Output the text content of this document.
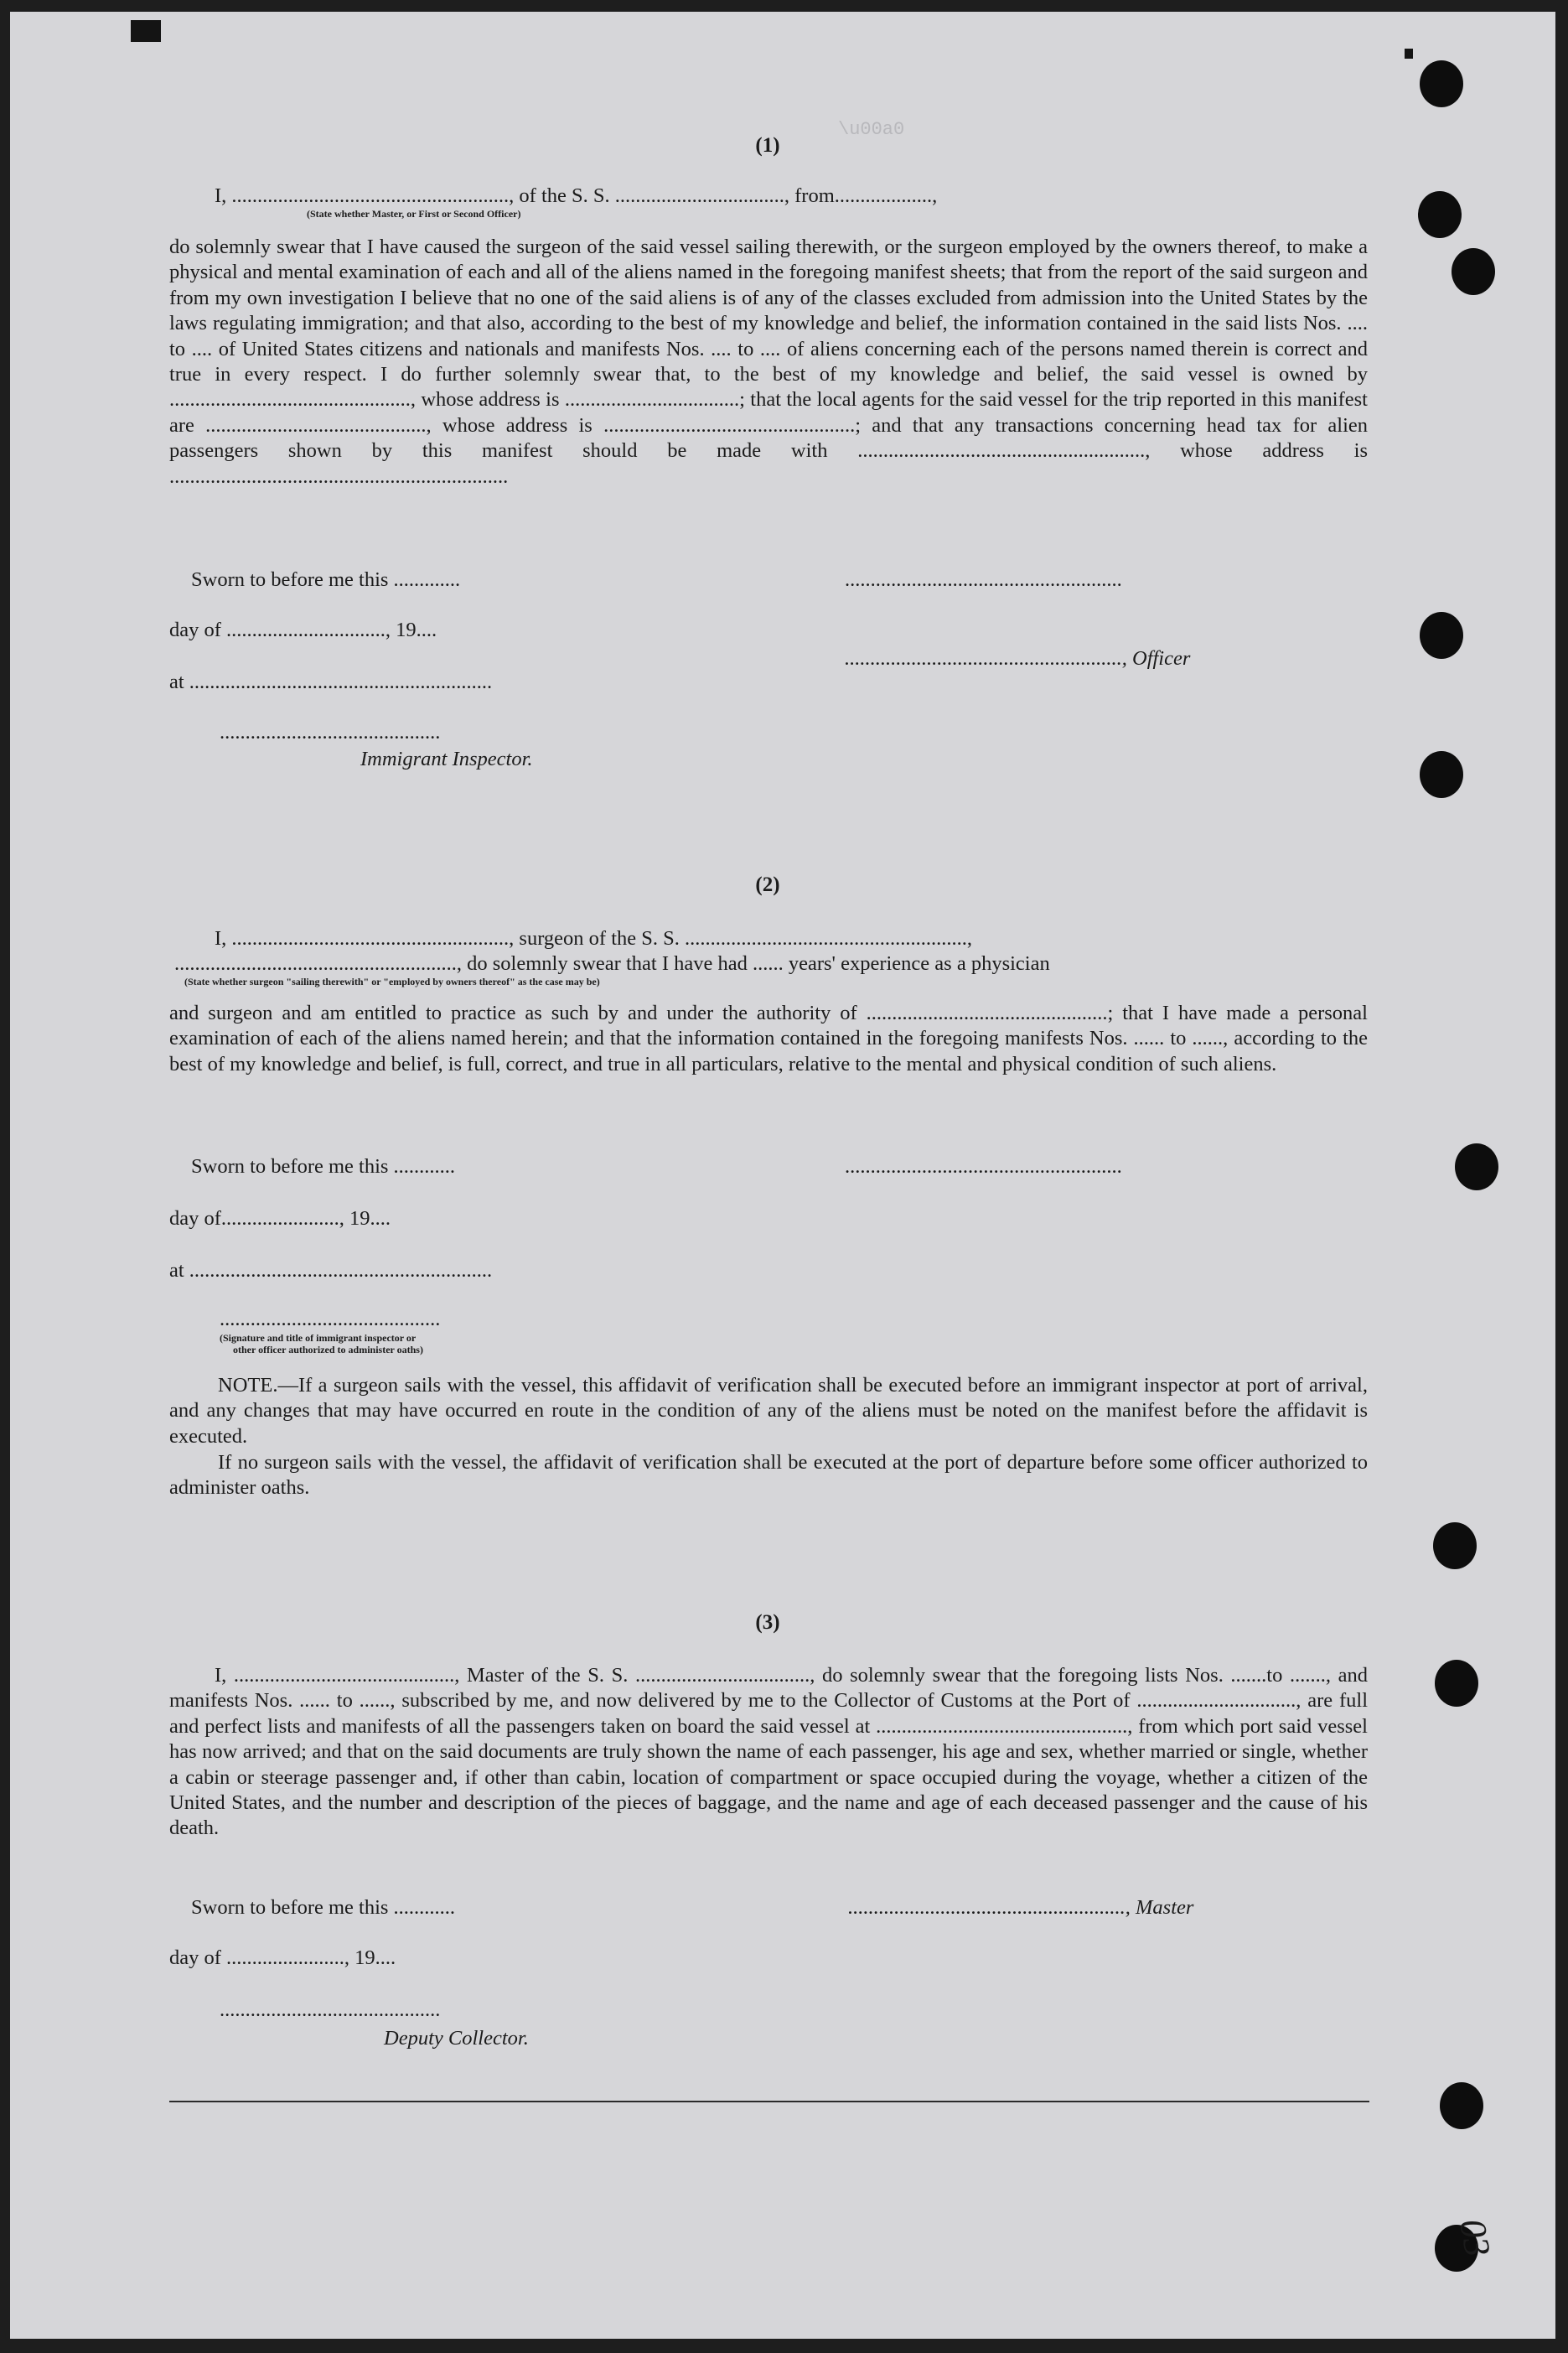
\u00a0
(1)
I, ......................................................, of the S. S. ................................., from...................,
(State whether Master, or First or Second Officer)
do solemnly swear that I have caused the surgeon of the said vessel sailing therewith, or the surgeon employed by the owners thereof, to make a physical and mental examination of each and all of the aliens named in the foregoing manifest sheets; that from the report of the said surgeon and from my own investigation I believe that no one of the said aliens is of any of the classes excluded from admission into the United States by the laws regulating immigration; and that also, according to the best of my knowledge and belief, the information contained in the said lists Nos. .... to .... of United States citizens and nationals and manifests Nos. .... to .... of aliens concerning each of the persons named therein is correct and true in every respect. I do further solemnly swear that, to the best of my knowledge and belief, the said vessel is owned by ..............................................., whose address is ..................................; that the local agents for the said vessel for the trip reported in this manifest are ..........................................., whose address is .................................................; and that any transactions concerning head tax for alien passengers shown by this manifest should be made with ........................................................, whose address is ..................................................................
Sworn to before me this .............	......................................................
day of ..............................., 19....
......................................................, Officer
at ...........................................................
...........................................
Immigrant Inspector.
(2)
I, ......................................................, surgeon of the S. S. .......................................................,
......................................................., do solemnly swear that I have had ...... years' experience as a physician
(State whether surgeon "sailing therewith" or "employed by owners thereof" as the case may be)
and surgeon and am entitled to practice as such by and under the authority of ...............................................; that I have made a personal examination of each of the aliens named herein; and that the information contained in the foregoing manifests Nos. ...... to ......, according to the best of my knowledge and belief, is full, correct, and true in all particulars, relative to the mental and physical condition of such aliens.
Sworn to before me this ............	......................................................
day of......................., 19....
at ...........................................................
...........................................
(Signature and title of immigrant inspector or
other officer authorized to administer oaths)
NOTE.—If a surgeon sails with the vessel, this affidavit of verification shall be executed before an immigrant inspector at port of arrival, and any changes that may have occurred en route in the condition of any of the aliens must be noted on the manifest before the affidavit is executed.
If no surgeon sails with the vessel, the affidavit of verification shall be executed at the port of departure before some officer authorized to administer oaths.
(3)
I, ..........................................., Master of the S. S. .................................., do solemnly swear that the foregoing lists Nos. .......to ......., and manifests Nos. ...... to ......, subscribed by me, and now delivered by me to the Collector of Customs at the Port of ..............................., are full and perfect lists and manifests of all the passengers taken on board the said vessel at ................................................., from which port said vessel has now arrived; and that on the said documents are truly shown the name of each passenger, his age and sex, whether married or single, whether a cabin or steerage passenger and, if other than cabin, location of compartment or space occupied during the voyage, whether a citizen of the United States, and the number and description of the pieces of baggage, and the name and age of each deceased passenger and the cause of his death.
Sworn to before me this ............	......................................................, Master
day of ......................., 19....
...........................................
Deputy Collector.
03
